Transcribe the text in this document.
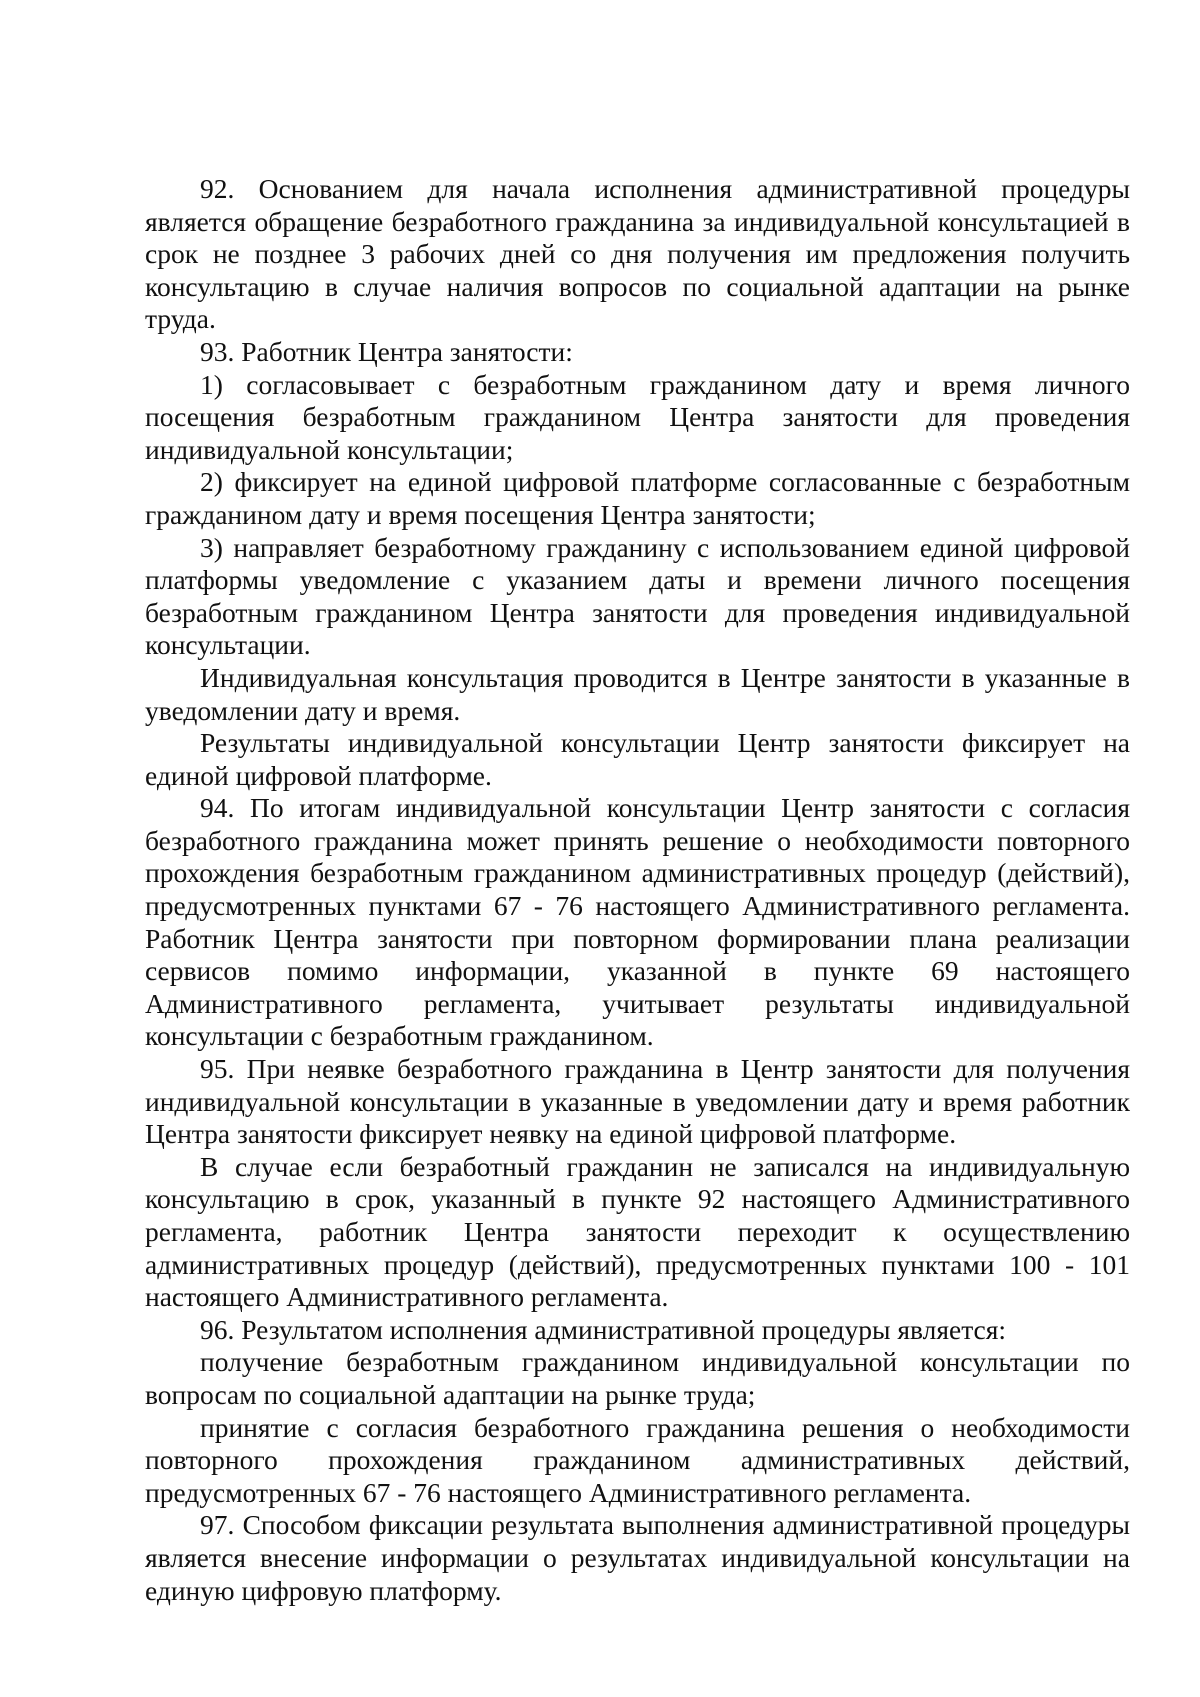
92. Основанием для начала исполнения административной процедуры является обращение безработного гражданина за индивидуальной консультацией в срок не позднее 3 рабочих дней со дня получения им предложения получить консультацию в случае наличия вопросов по социальной адаптации на рынке труда.

93. Работник Центра занятости:

1) согласовывает с безработным гражданином дату и время личного посещения безработным гражданином Центра занятости для проведения индивидуальной консультации;

2) фиксирует на единой цифровой платформе согласованные с безработным гражданином дату и время посещения Центра занятости;

3) направляет безработному гражданину с использованием единой цифровой платформы уведомление с указанием даты и времени личного посещения безработным гражданином Центра занятости для проведения индивидуальной консультации.

Индивидуальная консультация проводится в Центре занятости в указанные в уведомлении дату и время.

Результаты индивидуальной консультации Центр занятости фиксирует на единой цифровой платформе.

94. По итогам индивидуальной консультации Центр занятости с согласия безработного гражданина может принять решение о необходимости повторного прохождения безработным гражданином административных процедур (действий), предусмотренных пунктами 67 - 76 настоящего Административного регламента. Работник Центра занятости при повторном формировании плана реализации сервисов помимо информации, указанной в пункте 69 настоящего Административного регламента, учитывает результаты индивидуальной консультации с безработным гражданином.

95. При неявке безработного гражданина в Центр занятости для получения индивидуальной консультации в указанные в уведомлении дату и время работник Центра занятости фиксирует неявку на единой цифровой платформе.

В случае если безработный гражданин не записался на индивидуальную консультацию в срок, указанный в пункте 92 настоящего Административного регламента, работник Центра занятости переходит к осуществлению административных процедур (действий), предусмотренных пунктами 100 - 101 настоящего Административного регламента.

96. Результатом исполнения административной процедуры является:

получение безработным гражданином индивидуальной консультации по вопросам по социальной адаптации на рынке труда;

принятие с согласия безработного гражданина решения о необходимости повторного прохождения гражданином административных действий, предусмотренных 67 - 76 настоящего Административного регламента.

97. Способом фиксации результата выполнения административной процедуры является внесение информации о результатах индивидуальной консультации на единую цифровую платформу.
